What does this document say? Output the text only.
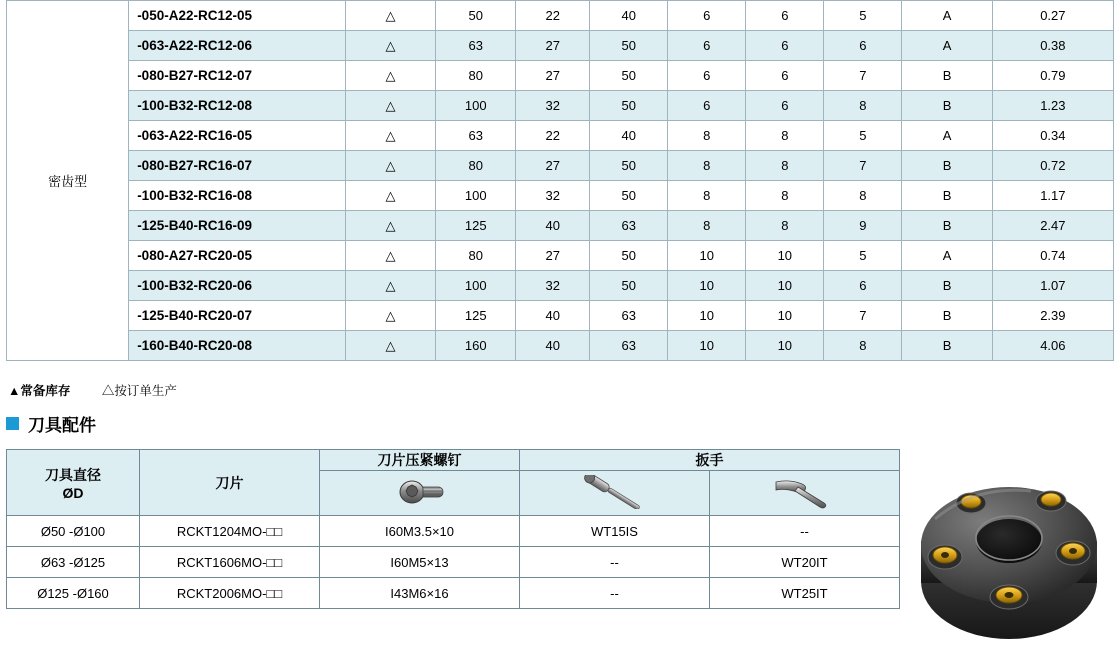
密齿型	-050-A22-RC12-05	△	50	22	40	6	6	5	A	0.27
	-063-A22-RC12-06	△	63	27	50	6	6	6	A	0.38
	-080-B27-RC12-07	△	80	27	50	6	6	7	B	0.79
	-100-B32-RC12-08	△	100	32	50	6	6	8	B	1.23
	-063-A22-RC16-05	△	63	22	40	8	8	5	A	0.34
	-080-B27-RC16-07	△	80	27	50	8	8	7	B	0.72
	-100-B32-RC16-08	△	100	32	50	8	8	8	B	1.17
	-125-B40-RC16-09	△	125	40	63	8	8	9	B	2.47
	-080-A27-RC20-05	△	80	27	50	10	10	5	A	0.74
	-100-B32-RC20-06	△	100	32	50	10	10	6	B	1.07
	-125-B40-RC20-07	△	125	40	63	10	10	7	B	2.39
	-160-B40-RC20-08	△	160	40	63	10	10	8	B	4.06
▲常备库存	△按订单生产
刀具配件
刀具直径
ØD	刀片	刀片压紧螺钉	扳手	

Ø50 -Ø100	RCKT1204MO-□□	I60M3.5×10	WT15IS	--
Ø63 -Ø125	RCKT1606MO-□□	I60M5×13	--	WT20IT
Ø125 -Ø160	RCKT2006MO-□□	I43M6×16	--	WT25IT
